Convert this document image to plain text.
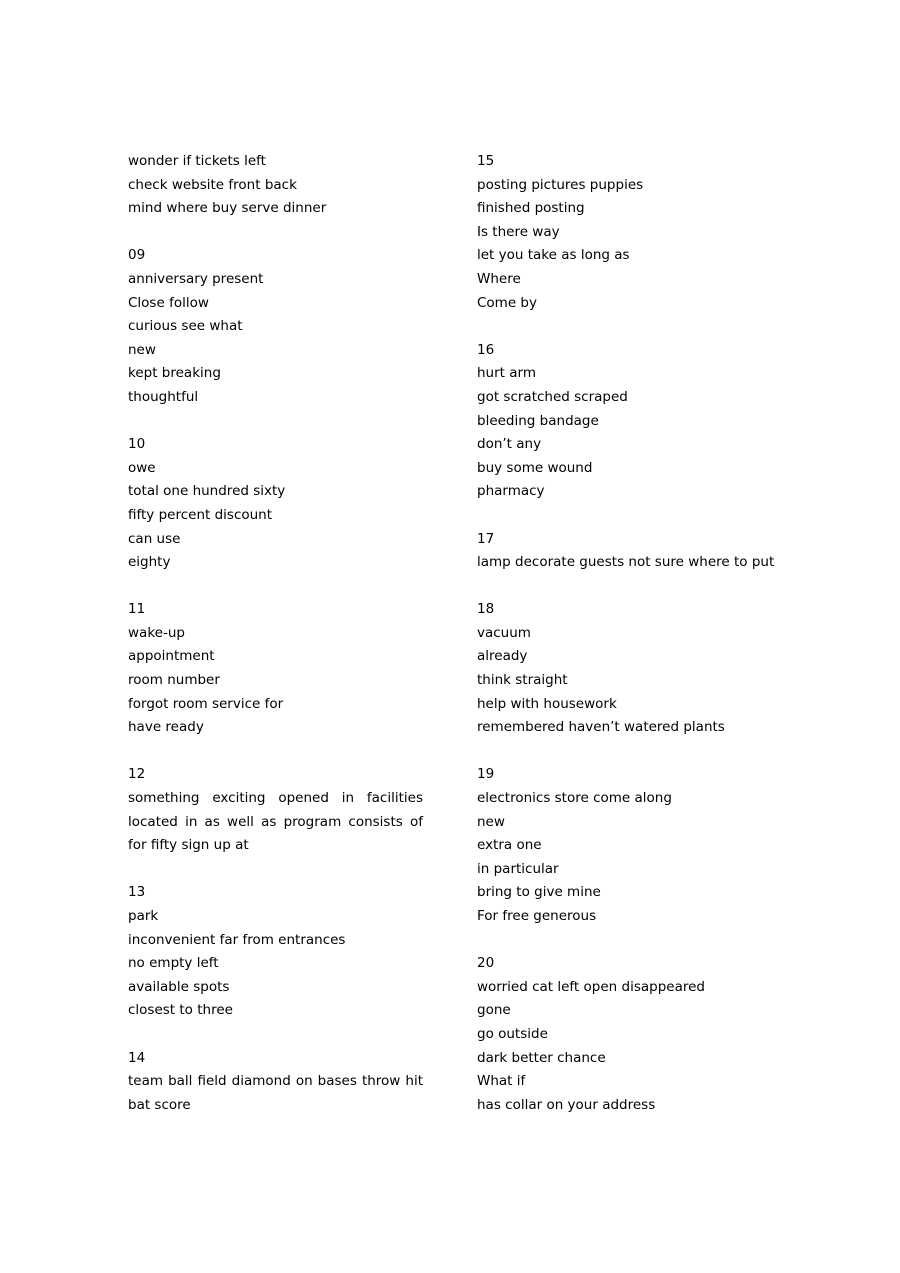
wonder if tickets left
check website front back
mind where buy serve dinner
09
anniversary present
Close follow
curious see what
new
kept breaking
thoughtful
10
owe
total one hundred sixty
fifty percent discount
can use
eighty
11
wake-up
appointment
room number
forgot room service for
have ready
12
something exciting opened in facilities located in as well as program consists of for fifty sign up at
13
park
inconvenient far from entrances
no empty left
available spots
closest to three
14
team ball field diamond on bases throw hit bat score
15
posting pictures puppies
finished posting
Is there way
let you take as long as
Where
Come by
16
hurt arm
got scratched scraped
bleeding bandage
don’t any
buy some wound
pharmacy
17
lamp decorate guests not sure where to put
18
vacuum
already
think straight
help with housework
remembered haven’t watered plants
19
electronics store come along
new
extra one
in particular
bring to give mine
For free generous
20
worried cat left open disappeared
gone
go outside
dark better chance
What if
has collar on your address
